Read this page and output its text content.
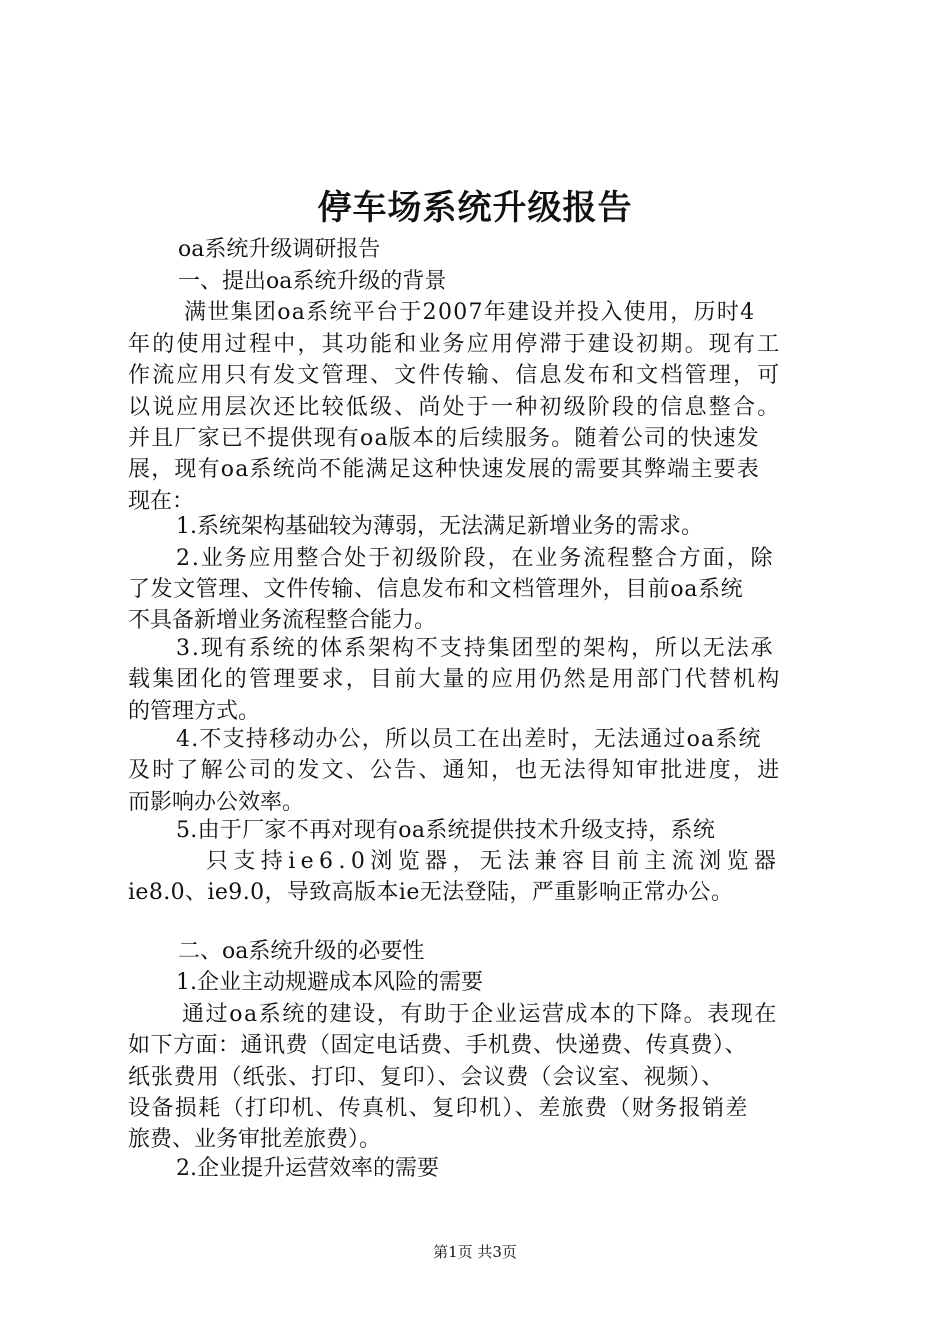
停车场系统升级报告
oa系统升级调研报告
一、提出oa系统升级的背景
满世集团oa系统平台于2007年建设并投入使用，历时4
年的使用过程中，其功能和业务应用停滞于建设初期。现有工
作流应用只有发文管理、文件传输、信息发布和文档管理，可
以说应用层次还比较低级、尚处于一种初级阶段的信息整合。
并且厂家已不提供现有oa版本的后续服务。随着公司的快速发
展，现有oa系统尚不能满足这种快速发展的需要其弊端主要表
现在：
1.系统架构基础较为薄弱，无法满足新增业务的需求。
2.业务应用整合处于初级阶段，在业务流程整合方面，除
了发文管理、文件传输、信息发布和文档管理外，目前oa系统
不具备新增业务流程整合能力。
3.现有系统的体系架构不支持集团型的架构，所以无法承
载集团化的管理要求，目前大量的应用仍然是用部门代替机构
的管理方式。
4.不支持移动办公，所以员工在出差时，无法通过oa系统
及时了解公司的发文、公告、通知，也无法得知审批进度，进
而影响办公效率。
5.由于厂家不再对现有oa系统提供技术升级支持，系统
只支持ie6.0浏览器，无法兼容目前主流浏览器
ie8.0、ie9.0，导致高版本ie无法登陆，严重影响正常办公。
二、oa系统升级的必要性
1.企业主动规避成本风险的需要
通过oa系统的建设，有助于企业运营成本的下降。表现在
如下方面：通讯费（固定电话费、手机费、快递费、传真费）、
纸张费用（纸张、打印、复印）、会议费（会议室、视频）、
设备损耗（打印机、传真机、复印机）、差旅费（财务报销差
旅费、业务审批差旅费）。
2.企业提升运营效率的需要
第1页 共3页
